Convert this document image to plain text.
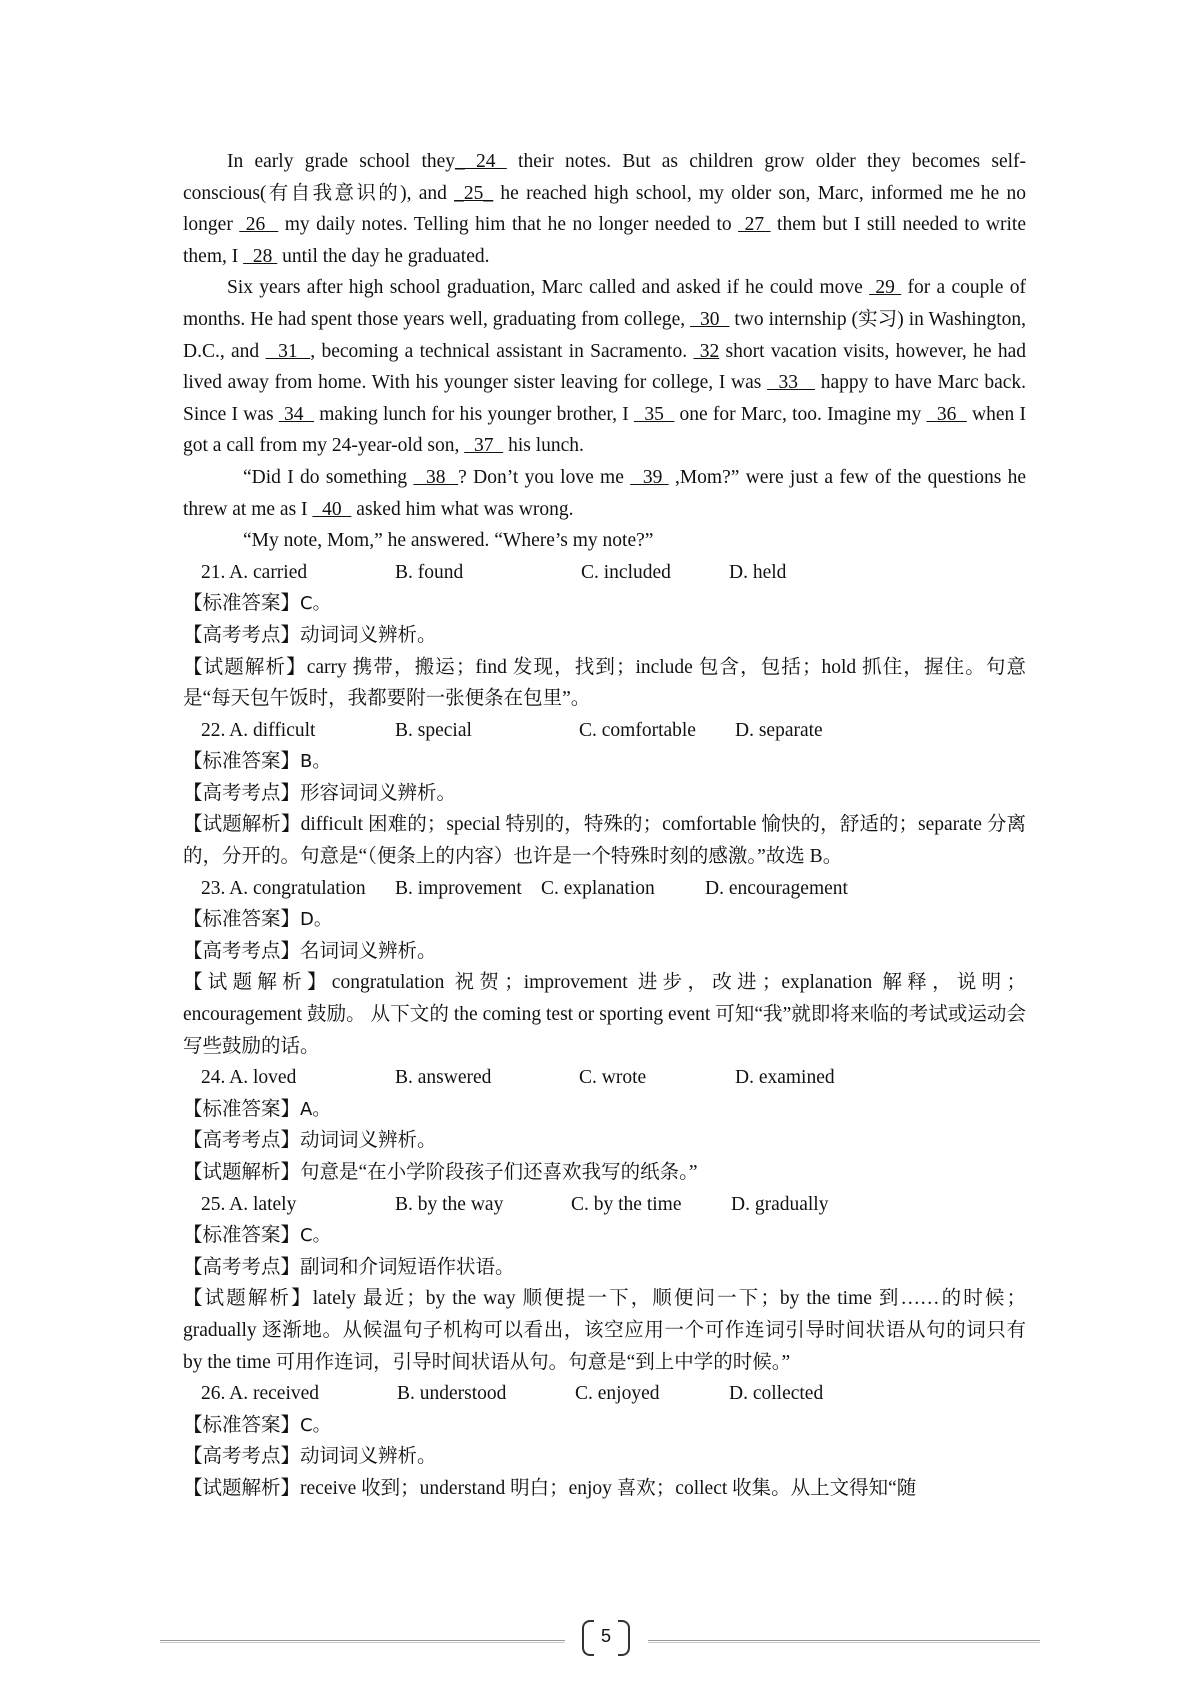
In early grade school they_ 24  their notes. But as children grow older they becomes self-conscious(有自我意识的), and _25_ he reached high school, my older son, Marc, informed me he no longer  26   my daily notes. Telling him that he no longer needed to  27  them but I still needed to write them, I   28  until the day he graduated.

Six years after high school graduation, Marc called and asked if he could move  29  for a couple of months. He had spent those years well, graduating from college,   30   two internship (实习) in Washington, D.C., and   31  , becoming a technical assistant in Sacramento.  32 short vacation visits, however, he had lived away from home. With his younger sister leaving for college, I was   33    happy to have Marc back. Since I was  34   making lunch for his younger brother, I   35   one for Marc, too. Imagine my   36   when I got a call from my 24-year-old son,   37   his lunch.

“Did I do something   38  ? Don’t you love me   39  ,Mom?” were just a few of the questions he threw at me as I   40   asked him what was wrong.

“My note, Mom,” he answered. “Where’s my note?”

21. A. carried	B. found	C. included	D. held

【标准答案】C。

【高考考点】动词词义辨析。

【试题解析】carry 携带，搬运；find 发现，找到；include 包含，包括；hold 抓住，握住。句意是“每天包午饭时，我都要附一张便条在包里”。

22. A. difficult	B. special	C. comfortable D. separate

【标准答案】B。

【高考考点】形容词词义辨析。

【试题解析】difficult 困难的；special 特别的，特殊的；comfortable 愉快的，舒适的；separate 分离的，分开的。句意是“（便条上的内容）也许是一个特殊时刻的感激。”故选 B。

23. A. congratulation B. improvement C. explanation	D. encouragement

【标准答案】D。

【高考考点】名词词义辨析。

【试题解析】congratulation 祝贺；improvement 进步，改进；explanation 解释，说明；encouragement 鼓励。 从下文的 the coming test or sporting event 可知“我”就即将来临的考试或运动会写些鼓励的话。

24. A. loved	B. answered	C. wrote	D. examined

【标准答案】A。

【高考考点】动词词义辨析。

【试题解析】句意是“在小学阶段孩子们还喜欢我写的纸条。”

25. A. lately	B. by the way	C. by the time	D. gradually

【标准答案】C。

【高考考点】副词和介词短语作状语。

【试题解析】lately 最近；by the way 顺便提一下，顺便问一下；by the time 到……的时候；gradually 逐渐地。从候温句子机构可以看出，该空应用一个可作连词引导时间状语从句的词只有 by the time 可用作连词，引导时间状语从句。句意是“到上中学的时候。”

26. A. received	B. understood	C. enjoyed	D. collected

【标准答案】C。

【高考考点】动词词义辨析。

【试题解析】receive 收到；understand 明白；enjoy 喜欢；collect 收集。从上文得知“随

5
